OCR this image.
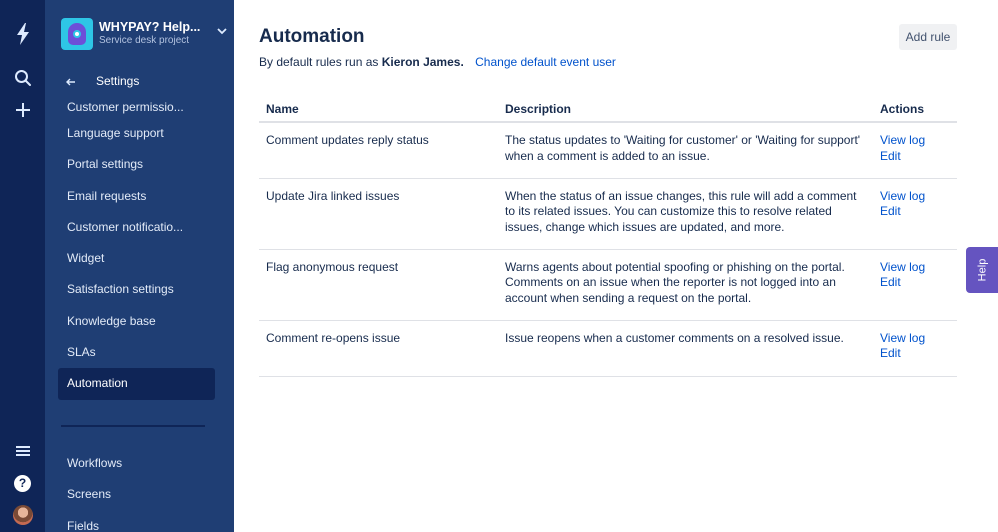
?
WHYPAY? Help...
Service desk project
Settings
Customer permissio...
Language support
Portal settings
Email requests
Customer notificatio...
Widget
Satisfaction settings
Knowledge base
SLAs
Automation
Workflows
Screens
Fields
Automation	Add rule
By default rules run as Kieron James. Change default event user
Name	Description	Actions
Comment updates reply status	The status updates to 'Waiting for customer' or 'Waiting for support' when a comment is added to an issue.	View log
Edit

Update Jira linked issues	When the status of an issue changes, this rule will add a comment to its related issues. You can customize this to resolve related issues, change which issues are updated, and more.	View log
Edit

Flag anonymous request	Warns agents about potential spoofing or phishing on the portal. Comments on an issue when the reporter is not logged into an account when sending a request on the portal.	View log
Edit

Comment re-opens issue	Issue reopens when a customer comments on a resolved issue.	View log
Edit
Help
